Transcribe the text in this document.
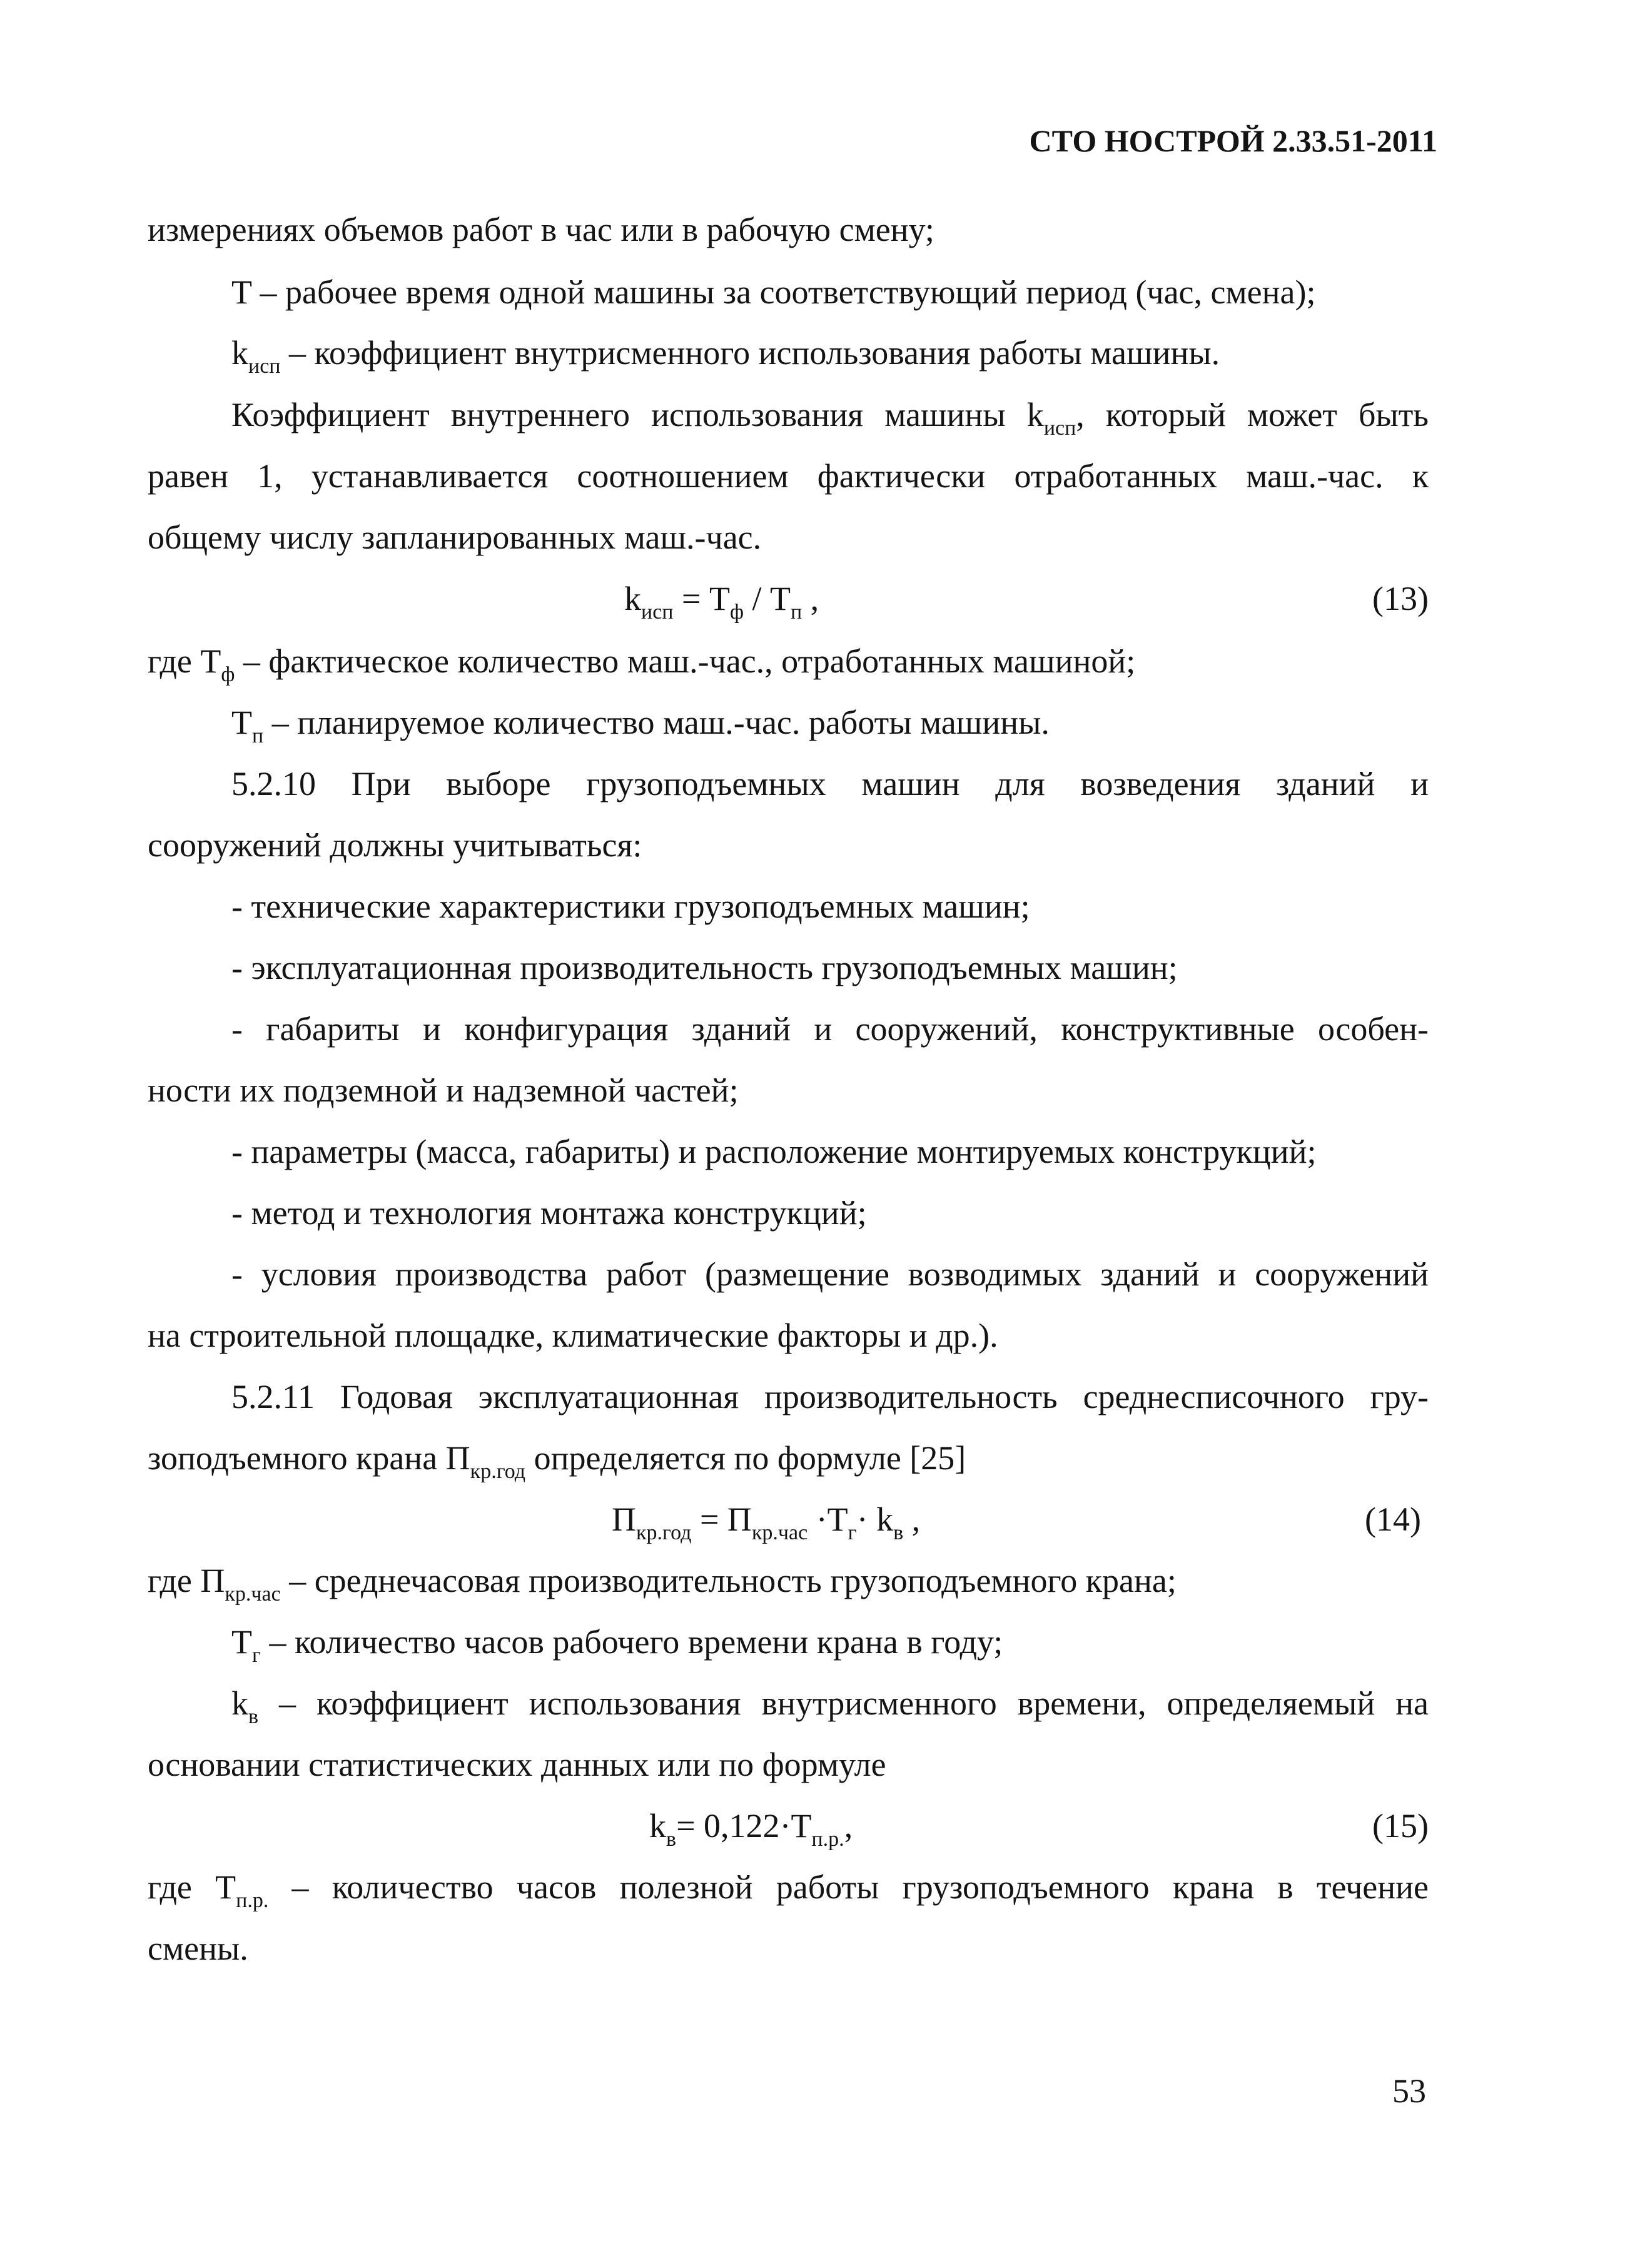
СТО НОСТРОЙ 2.33.51-2011
измерениях объемов работ в час или в рабочую смену;
T – рабочее время одной машины за соответствующий период (час, смена);
$k_{исп}$ – коэффициент внутрисменного использования работы машины.
Коэффициент внутреннего использования машины $k_{исп}$, который может быть
равен 1, устанавливается соотношением фактически отработанных маш.-час. к
общему числу запланированных маш.-час.
$k_{исп} = T_ф / T_п$ ,	(13)
где $T_ф$ – фактическое количество маш.-час., отработанных машиной;
$T_п$ – планируемое количество маш.-час. работы машины.
5.2.10 При выборе грузоподъемных машин для возведения зданий и
сооружений должны учитываться:
- технические характеристики грузоподъемных машин;
- эксплуатационная производительность грузоподъемных машин;
- габариты и конфигурация зданий и сооружений, конструктивные особен-
ности их подземной и надземной частей;
- параметры (масса, габариты) и расположение монтируемых конструкций;
- метод и технология монтажа конструкций;
- условия производства работ (размещение возводимых зданий и сооружений
на строительной площадке, климатические факторы и др.).
5.2.11 Годовая эксплуатационная производительность среднесписочного гру-
зоподъемного крана $П_{кр.год}$ определяется по формуле [25]
$П_{кр.год} = П_{кр.час} \cdot T_г\cdot k_в$ ,	(14)
где $П_{кр.час}$ – среднечасовая производительность грузоподъемного крана;
$T_г$ – количество часов рабочего времени крана в году;
$k_в$ – коэффициент использования внутрисменного времени, определяемый на
основании статистических данных или по формуле
$k_в= 0,122\cdot T_{п.р.}$,	(15)
где $T_{п.р.}$ – количество часов полезной работы грузоподъемного крана в течение
смены.
53
